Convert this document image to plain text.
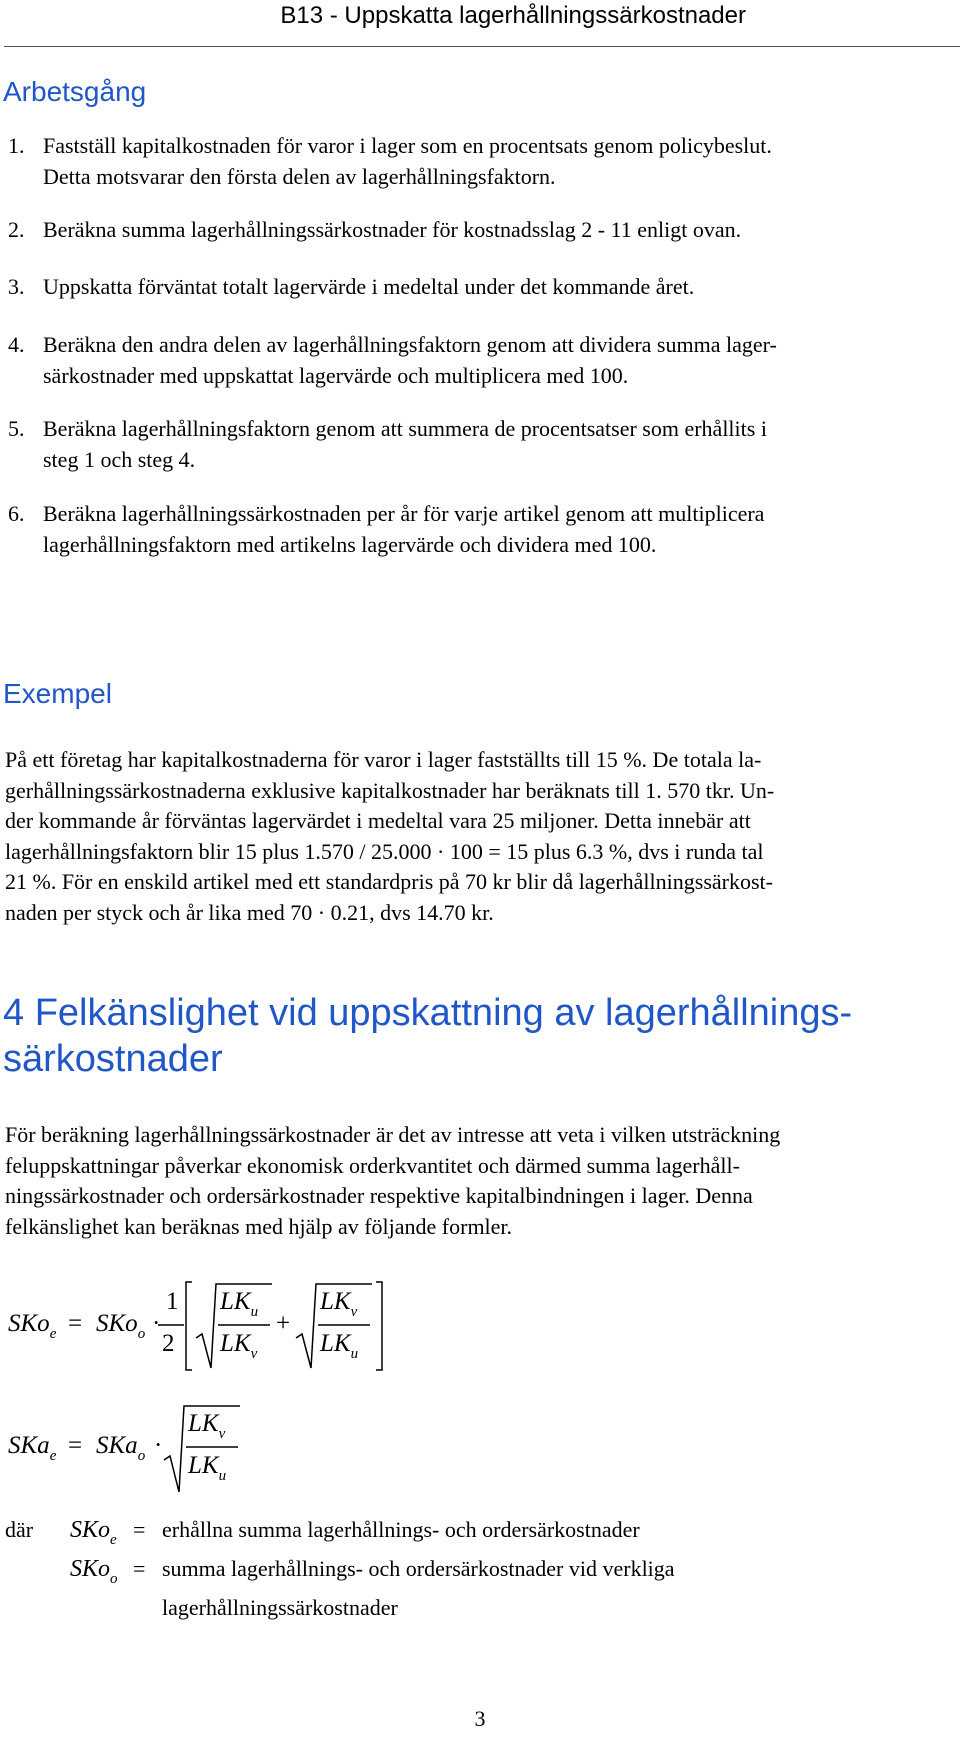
B13 - Uppskatta lagerhållningssärkostnader
Arbetsgång
1. Fastställ kapitalkostnaden för varor i lager som en procentsats genom policybeslut.
Detta motsvarar den första delen av lagerhållningsfaktorn.
2. Beräkna summa lagerhållningssärkostnader för kostnadsslag 2 - 11 enligt ovan.
3. Uppskatta förväntat totalt lagervärde i medeltal under det kommande året.
4. Beräkna den andra delen av lagerhållningsfaktorn genom att dividera summa lager-
särkostnader med uppskattat lagervärde och multiplicera med 100.
5. Beräkna lagerhållningsfaktorn genom att summera de procentsatser som erhållits i
steg 1 och steg 4.
6. Beräkna lagerhållningssärkostnaden per år för varje artikel genom att multiplicera
lagerhållningsfaktorn med artikelns lagervärde och dividera med 100.
Exempel
På ett företag har kapitalkostnaderna för varor i lager fastställts till 15 %. De totala la-
gerhållningssärkostnaderna exklusive kapitalkostnader har beräknats till 1. 570 tkr. Un-
der kommande år förväntas lagervärdet i medeltal vara 25 miljoner. Detta innebär att
lagerhållningsfaktorn blir 15 plus 1.570 / 25.000 · 100 = 15 plus 6.3 %, dvs i runda tal
21 %. För en enskild artikel med ett standardpris på 70 kr blir då lagerhållningssärkost-
naden per styck och år lika med 70 · 0.21, dvs 14.70 kr.
4 Felkänslighet vid uppskattning av lagerhållnings-
särkostnader
För beräkning lagerhållningssärkostnader är det av intresse att veta i vilken utsträckning
feluppskattningar påverkar ekonomisk orderkvantitet och därmed summa lagerhåll-
ningssärkostnader och ordersärkostnader respektive kapitalbindningen i lager. Denna
felkänslighet kan beräknas med hjälp av följande formler.
SKo$_e$ = SKo$_o$ ·
1
2
$LK_u$
$LK_v$
+
$LK_v$
$LK_u$
SKa$_e$ = SKa$_o$ ·
$LK_v$
$LK_u$
där SKo$_e$ = erhållna summa lagerhållnings- och ordersärkostnader
SKo$_o$ = summa lagerhållnings- och ordersärkostnader vid verkliga
lagerhållningssärkostnader
3
